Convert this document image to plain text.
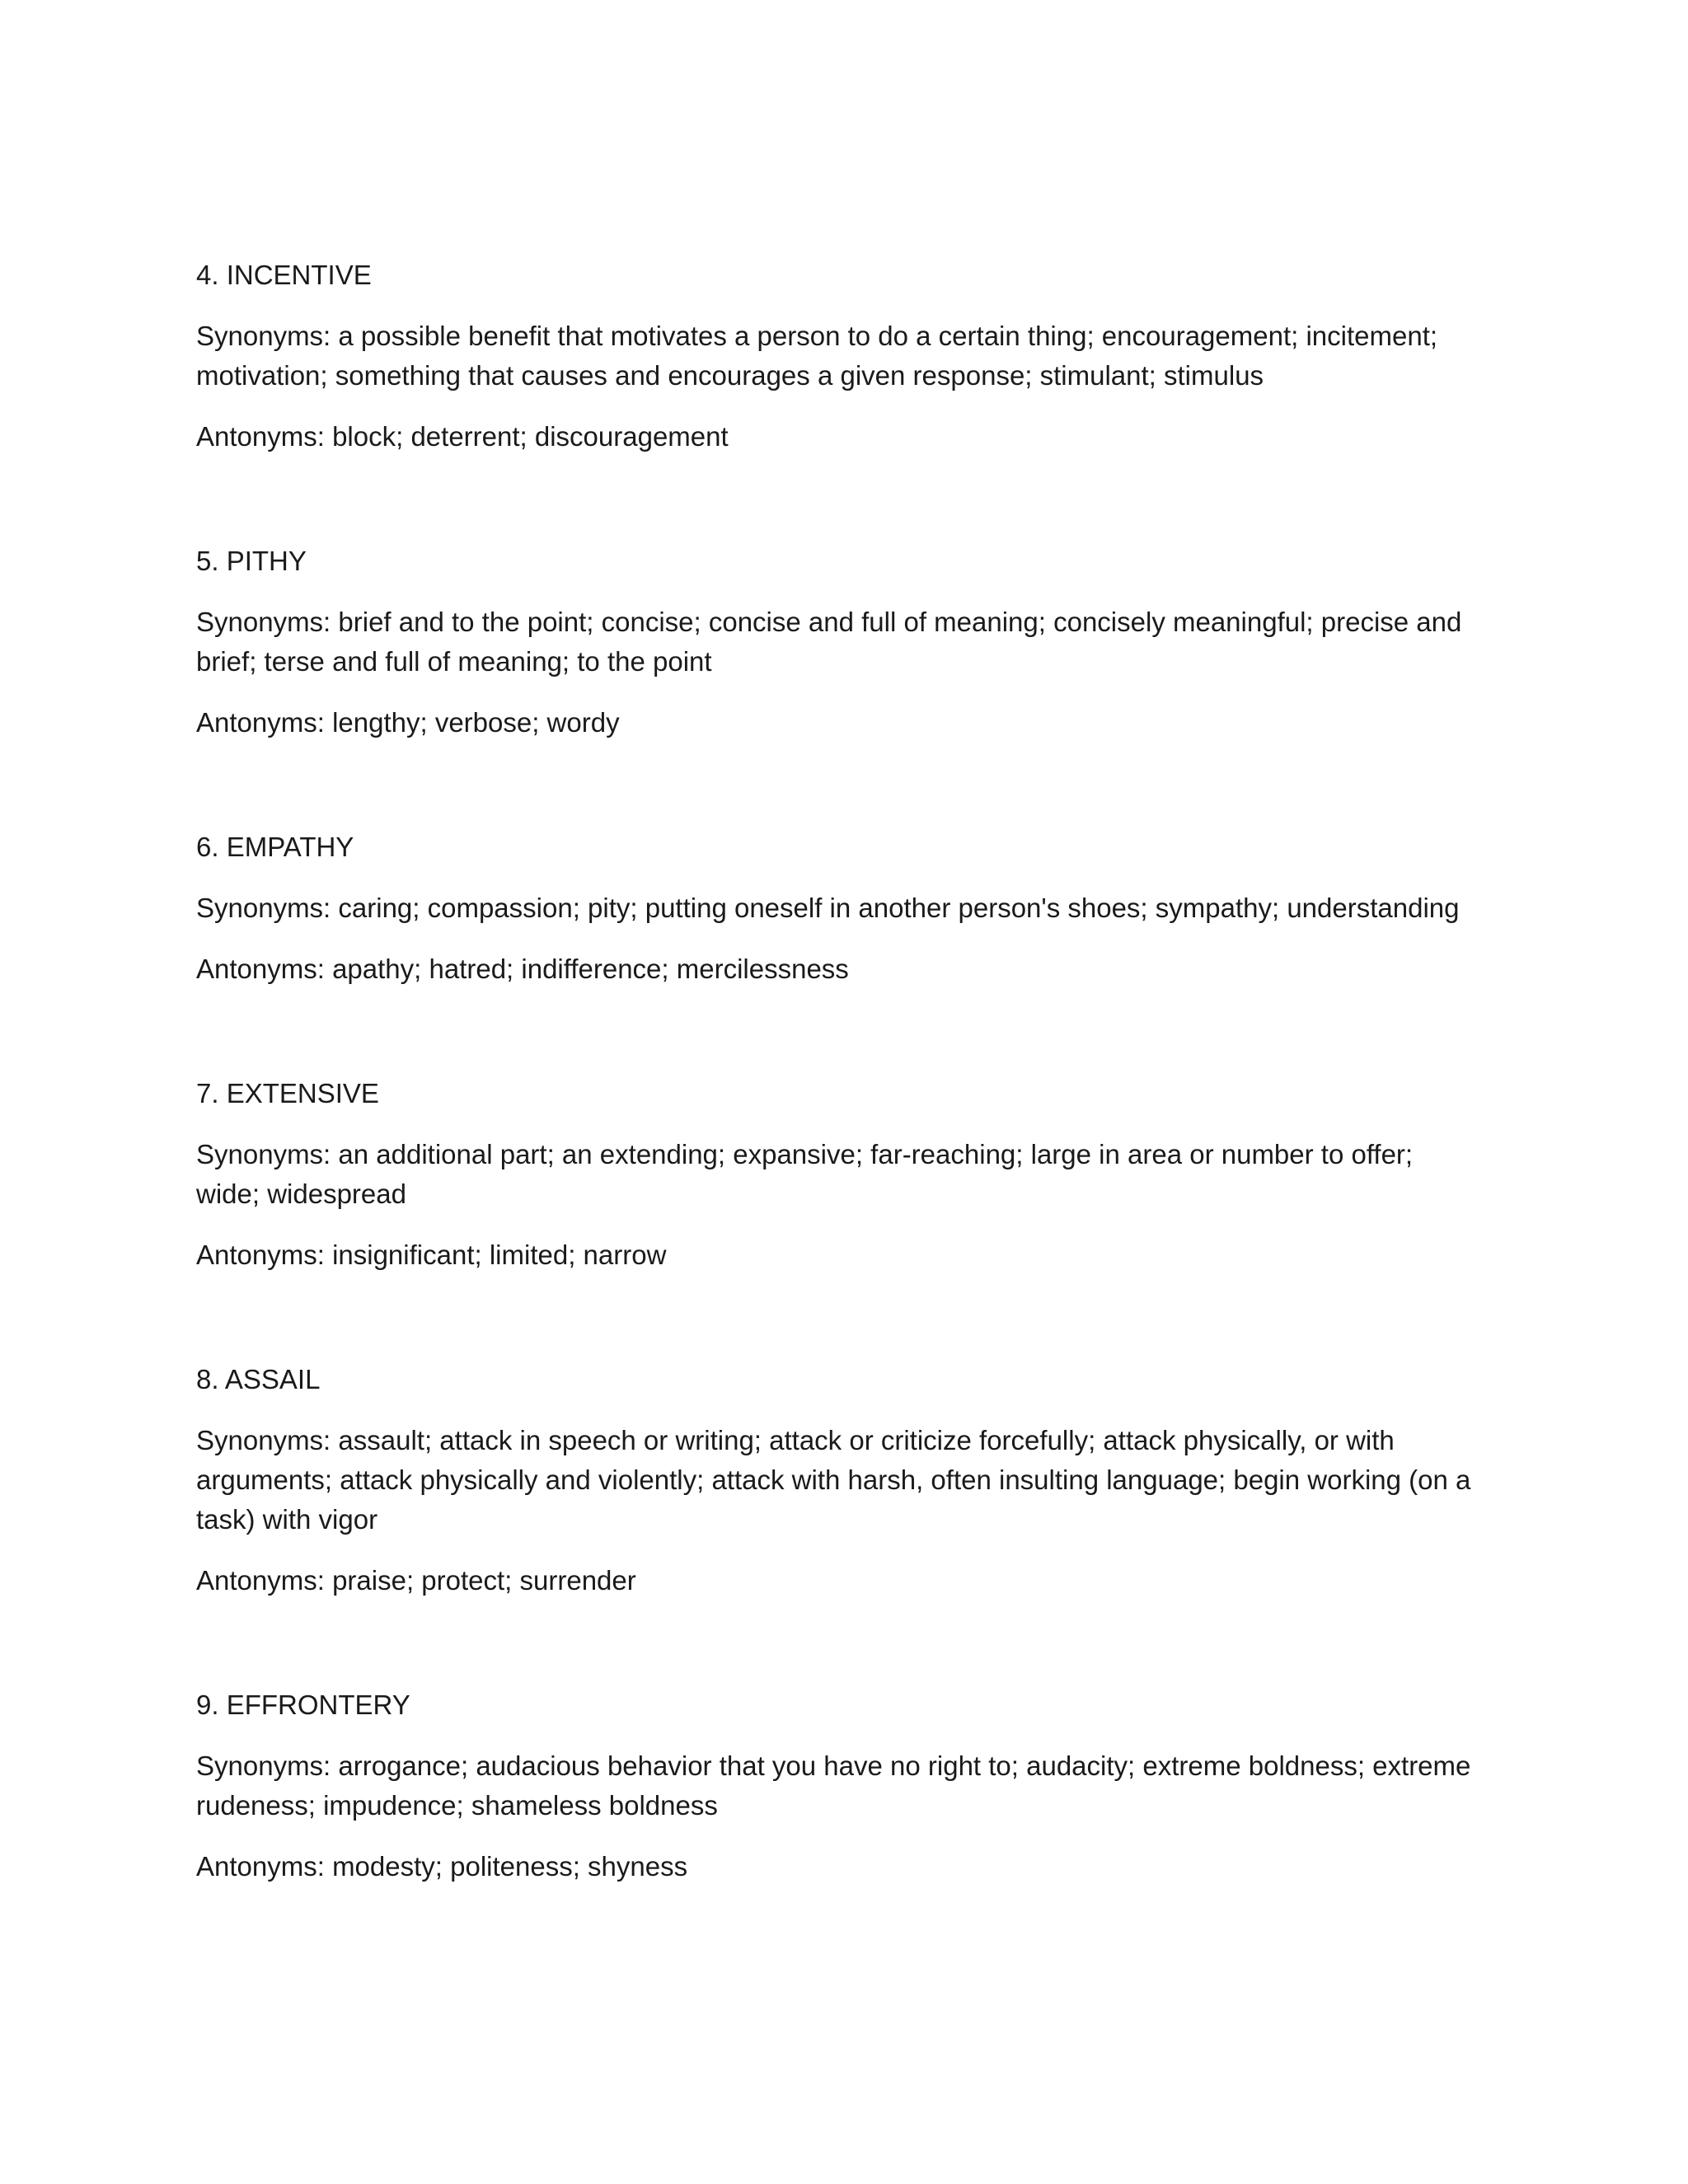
4. INCENTIVE
Synonyms: a possible benefit that motivates a person to do a certain thing; encouragement; incitement; motivation; something that causes and encourages a given response; stimulant; stimulus
Antonyms: block; deterrent; discouragement
5. PITHY
Synonyms: brief and to the point; concise; concise and full of meaning; concisely meaningful; precise and brief; terse and full of meaning; to the point
Antonyms: lengthy; verbose; wordy
6. EMPATHY
Synonyms: caring; compassion; pity; putting oneself in another person's shoes; sympathy; understanding
Antonyms: apathy; hatred; indifference; mercilessness
7. EXTENSIVE
Synonyms: an additional part; an extending; expansive; far-reaching; large in area or number to offer; wide; widespread
Antonyms: insignificant; limited; narrow
8. ASSAIL
Synonyms: assault; attack in speech or writing; attack or criticize forcefully; attack physically, or with arguments; attack physically and violently; attack with harsh, often insulting language; begin working (on a task) with vigor
Antonyms: praise; protect; surrender
9. EFFRONTERY
Synonyms: arrogance; audacious behavior that you have no right to; audacity; extreme boldness; extreme rudeness; impudence; shameless boldness
Antonyms: modesty; politeness; shyness
